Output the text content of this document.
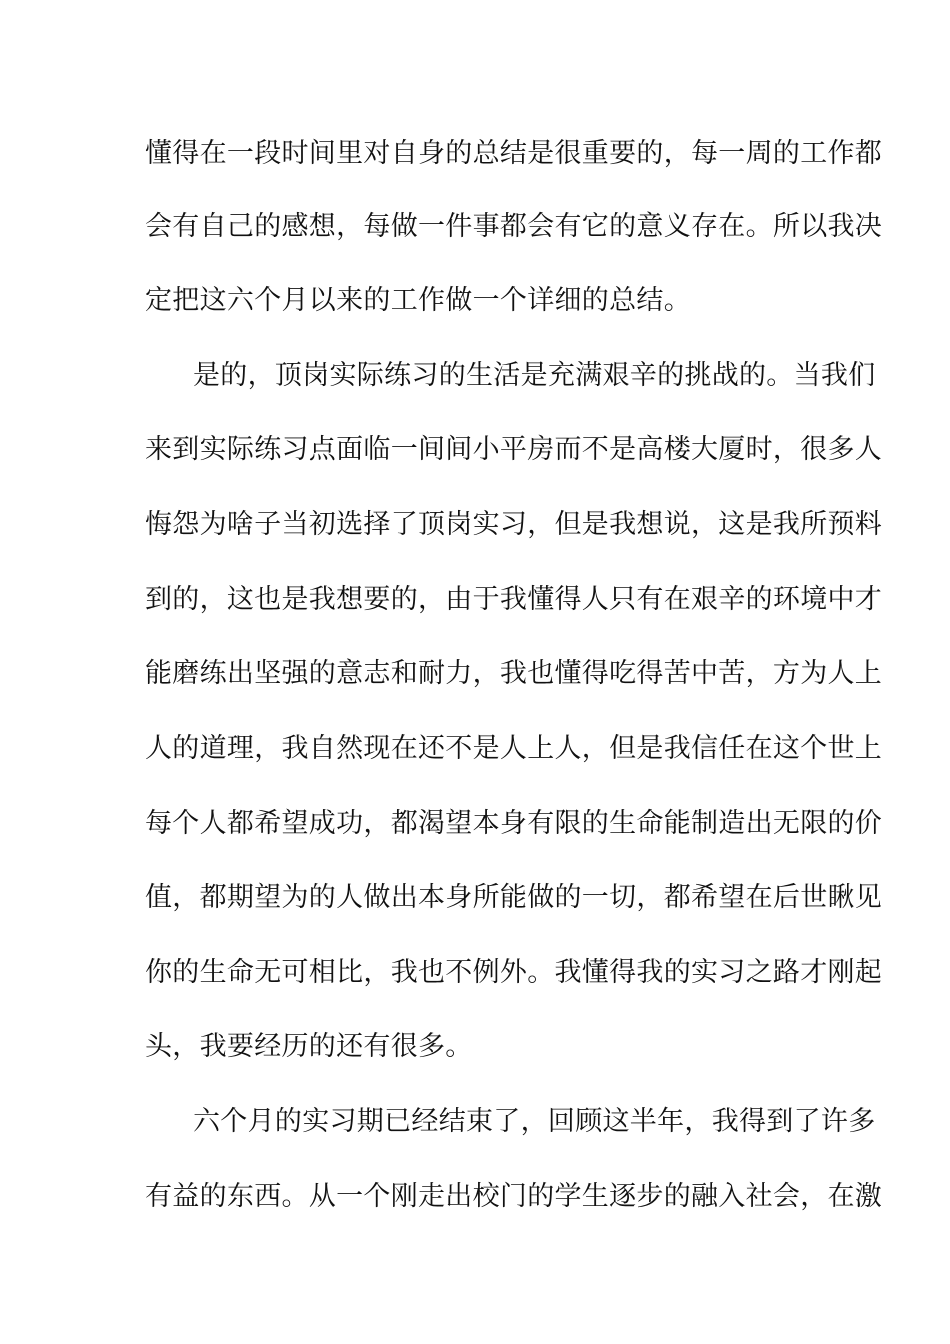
懂得在一段时间里对自身的总结是很重要的，每一周的工作都
会有自己的感想，每做一件事都会有它的意义存在。所以我决
定把这六个月以来的工作做一个详细的总结。
是的，顶岗实际练习的生活是充满艰辛的挑战的。当我们
来到实际练习点面临一间间小平房而不是高楼大厦时，很多人
悔怨为啥子当初选择了顶岗实习，但是我想说，这是我所预料
到的，这也是我想要的，由于我懂得人只有在艰辛的环境中才
能磨练出坚强的意志和耐力，我也懂得吃得苦中苦，方为人上
人的道理，我自然现在还不是人上人，但是我信任在这个世上
每个人都希望成功，都渴望本身有限的生命能制造出无限的价
值，都期望为的人做出本身所能做的一切，都希望在后世瞅见
你的生命无可相比，我也不例外。我懂得我的实习之路才刚起
头，我要经历的还有很多。
六个月的实习期已经结束了，回顾这半年，我得到了许多
有益的东西。从一个刚走出校门的学生逐步的融入社会，在激
